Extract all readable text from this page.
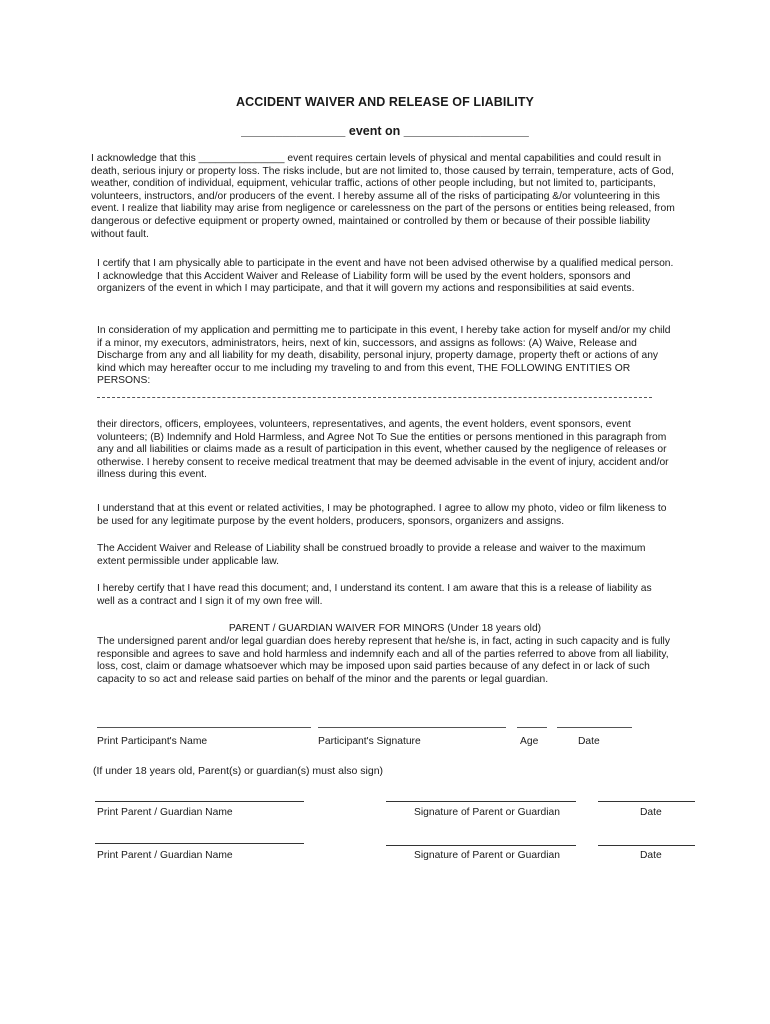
ACCIDENT WAIVER AND RELEASE OF LIABILITY
_______________ event on __________________

I acknowledge that this _______________ event requires certain levels of physical and mental capabilities and could result in death, serious injury or property loss. The risks include, but are not limited to, those caused by terrain, temperature, acts of God, weather, condition of individual, equipment, vehicular traffic, actions of other people including, but not limited to, participants, volunteers, instructors, and/or producers of the event. I hereby assume all of the risks of participating &/or volunteering in this event. I realize that liability may arise from negligence or carelessness on the part of the persons or entities being released, from dangerous or defective equipment or property owned, maintained or controlled by them or because of their possible liability without fault.

I certify that I am physically able to participate in the event and have not been advised otherwise by a qualified medical person. I acknowledge that this Accident Waiver and Release of Liability form will be used by the event holders, sponsors and organizers of the event in which I may participate, and that it will govern my actions and responsibilities at said events.

In consideration of my application and permitting me to participate in this event, I hereby take action for myself and/or my child if a minor, my executors, administrators, heirs, next of kin, successors, and assigns as follows: (A) Waive, Release and Discharge from any and all liability for my death, disability, personal injury, property damage, property theft or actions of any kind which may hereafter occur to me including my traveling to and from this event, THE FOLLOWING ENTITIES OR PERSONS:

their directors, officers, employees, volunteers, representatives, and agents, the event holders, event sponsors, event volunteers; (B) Indemnify and Hold Harmless, and Agree Not To Sue the entities or persons mentioned in this paragraph from any and all liabilities or claims made as a result of participation in this event, whether caused by the negligence of releases or otherwise. I hereby consent to receive medical treatment that may be deemed advisable in the event of injury, accident and/or illness during this event.

I understand that at this event or related activities, I may be photographed. I agree to allow my photo, video or film likeness to be used for any legitimate purpose by the event holders, producers, sponsors, organizers and assigns.

The Accident Waiver and Release of Liability shall be construed broadly to provide a release and waiver to the maximum extent permissible under applicable law.

I hereby certify that I have read this document; and, I understand its content. I am aware that this is a release of liability as well as a contract and I sign it of my own free will.

PARENT / GUARDIAN WAIVER FOR MINORS (Under 18 years old)

The undersigned parent and/or legal guardian does hereby represent that he/she is, in fact, acting in such capacity and is fully responsible and agrees to save and hold harmless and indemnify each and all of the parties referred to above from all liability, loss, cost, claim or damage whatsoever which may be imposed upon said parties because of any defect in or lack of such capacity to so act and release said parties on behalf of the minor and the parents or legal guardian.

Print Participant's Name	Participant's Signature	Age	Date
(If under 18 years old, Parent(s) or guardian(s) must also sign)
Print Parent / Guardian Name	Signature of Parent or Guardian	Date
Print Parent / Guardian Name	Signature of Parent or Guardian	Date
